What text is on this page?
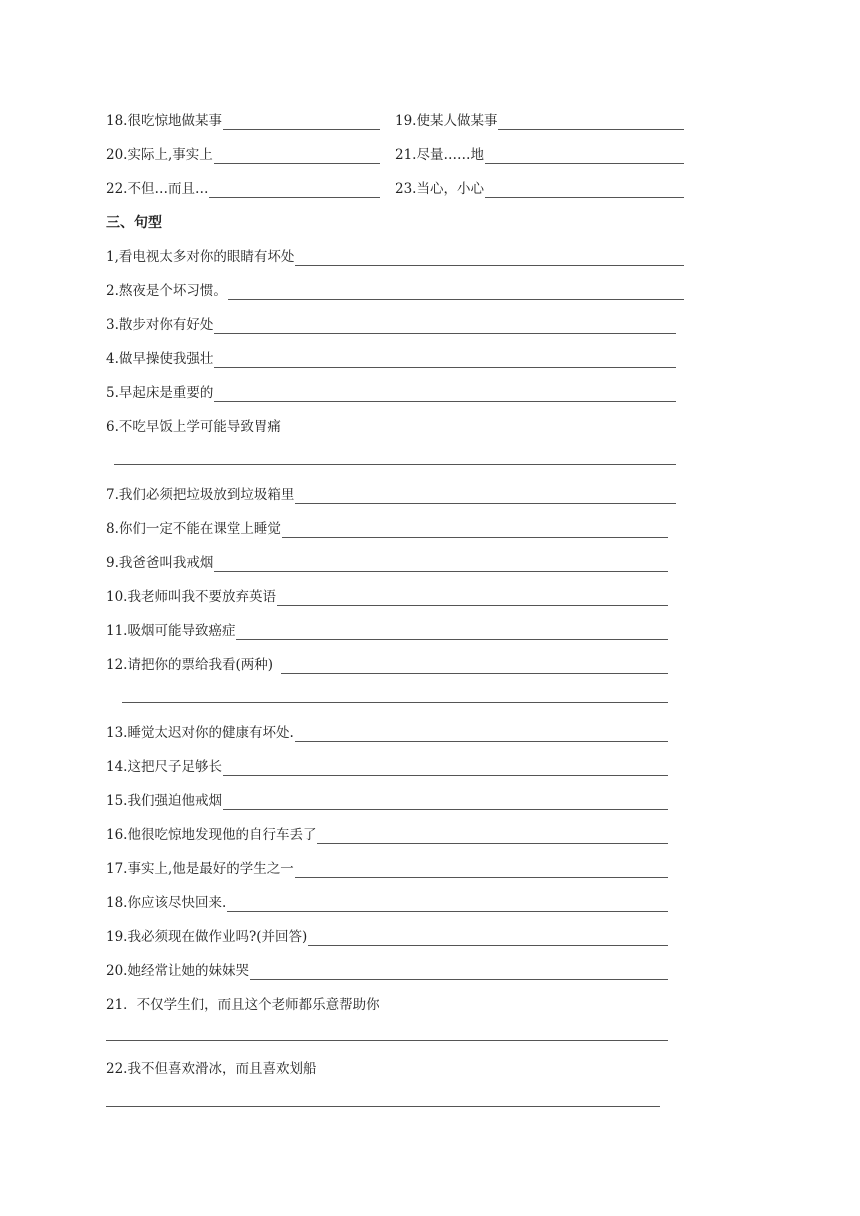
18. 很吃惊地做某事	19. 使某人做某事
20. 实际上,事实上	21. 尽量……地
22. 不但…而且…	23. 当心，小心
三、句型
1,看电视太多对你的眼睛有坏处
2.熬夜是个坏习惯。
3.散步对你有好处
4.做早操使我强壮
5.早起床是重要的
6.不吃早饭上学可能导致胃痛
7.我们必须把垃圾放到垃圾箱里
8.你们一定不能在课堂上睡觉
9.我爸爸叫我戒烟
10.我老师叫我不要放弃英语
11.吸烟可能导致癌症
12.请把你的票给我看(两种)
13.睡觉太迟对你的健康有坏处.
14.这把尺子足够长
15.我们强迫他戒烟
16.他很吃惊地发现他的自行车丢了
17.事实上,他是最好的学生之一
18.你应该尽快回来.
19.我必须现在做作业吗?(并回答)
20.她经常让她的妹妹哭
21．不仅学生们，而且这个老师都乐意帮助你
22.我不但喜欢滑冰，而且喜欢划船
